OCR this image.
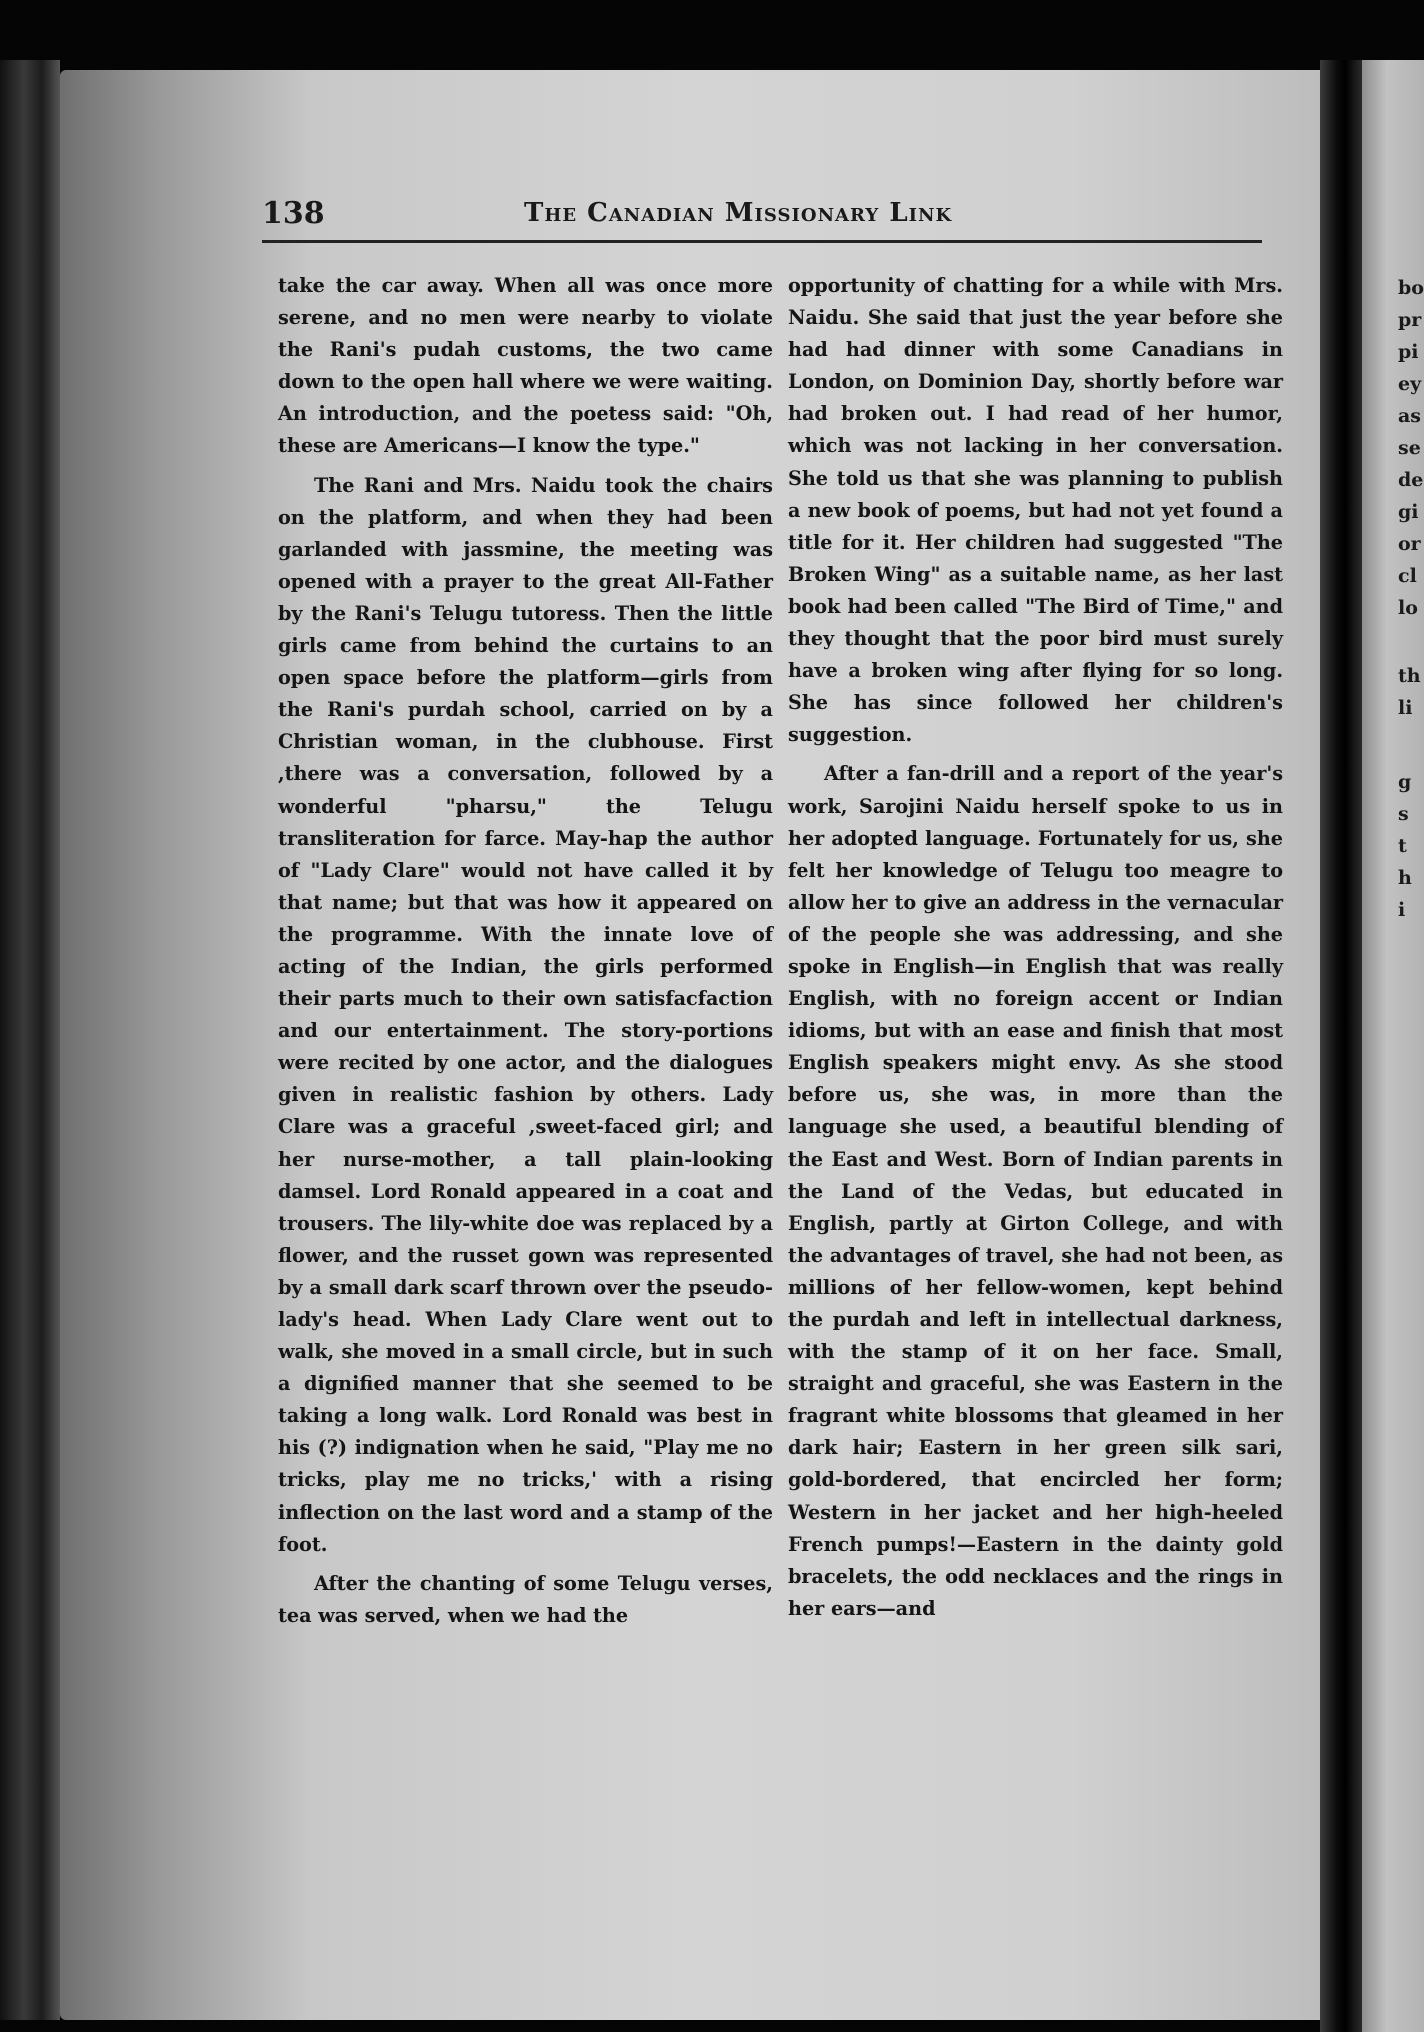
138	The Canadian Missionary Link

take the car away. When all was once more serene, and no men were nearby to violate the Rani's pudah customs, the two came down to the open hall where we were waiting. An introduction, and the poetess said: "Oh, these are Americans—I know the type."

The Rani and Mrs. Naidu took the chairs on the platform, and when they had been garlanded with jassmine, the meeting was opened with a prayer to the great All-Father by the Rani's Telugu tutoress. Then the little girls came from behind the curtains to an open space before the platform—girls from the Rani's purdah school, carried on by a Christian woman, in the clubhouse. First ,there was a conversation, followed by a wonderful "pharsu," the Telugu transliteration for farce. May-hap the author of "Lady Clare" would not have called it by that name; but that was how it appeared on the programme. With the innate love of acting of the Indian, the girls performed their parts much to their own satisfacfaction and our entertainment. The story-portions were recited by one actor, and the dialogues given in realistic fashion by others. Lady Clare was a graceful ,sweet-faced girl; and her nurse-mother, a tall plain-looking damsel. Lord Ronald appeared in a coat and trousers. The lily-white doe was replaced by a flower, and the russet gown was represented by a small dark scarf thrown over the pseudo-lady's head. When Lady Clare went out to walk, she moved in a small circle, but in such a dignified manner that she seemed to be taking a long walk. Lord Ronald was best in his (?) indignation when he said, "Play me no tricks, play me no tricks,' with a rising inflection on the last word and a stamp of the foot.

After the chanting of some Telugu verses, tea was served, when we had the

opportunity of chatting for a while with Mrs. Naidu. She said that just the year before she had had dinner with some Canadians in London, on Dominion Day, shortly before war had broken out. I had read of her humor, which was not lacking in her conversation. She told us that she was planning to publish a new book of poems, but had not yet found a title for it. Her children had suggested "The Broken Wing" as a suitable name, as her last book had been called "The Bird of Time," and they thought that the poor bird must surely have a broken wing after flying for so long. She has since followed her children's suggestion.

After a fan-drill and a report of the year's work, Sarojini Naidu herself spoke to us in her adopted language. Fortunately for us, she felt her knowledge of Telugu too meagre to allow her to give an address in the vernacular of the people she was addressing, and she spoke in English—in English that was really English, with no foreign accent or Indian idioms, but with an ease and finish that most English speakers might envy. As she stood before us, she was, in more than the language she used, a beautiful blending of the East and West. Born of Indian parents in the Land of the Vedas, but educated in English, partly at Girton College, and with the advantages of travel, she had not been, as millions of her fellow-women, kept behind the purdah and left in intellectual darkness, with the stamp of it on her face. Small, straight and graceful, she was Eastern in the fragrant white blossoms that gleamed in her dark hair; Eastern in her green silk sari, gold-bordered, that encircled her form; Western in her jacket and her high-heeled French pumps!—Eastern in the dainty gold bracelets, the odd necklaces and the rings in her ears—and

bo
pr
pi
ey
as
se
de
gi
or
cl
lo
th
li
g
s
t
h
i
